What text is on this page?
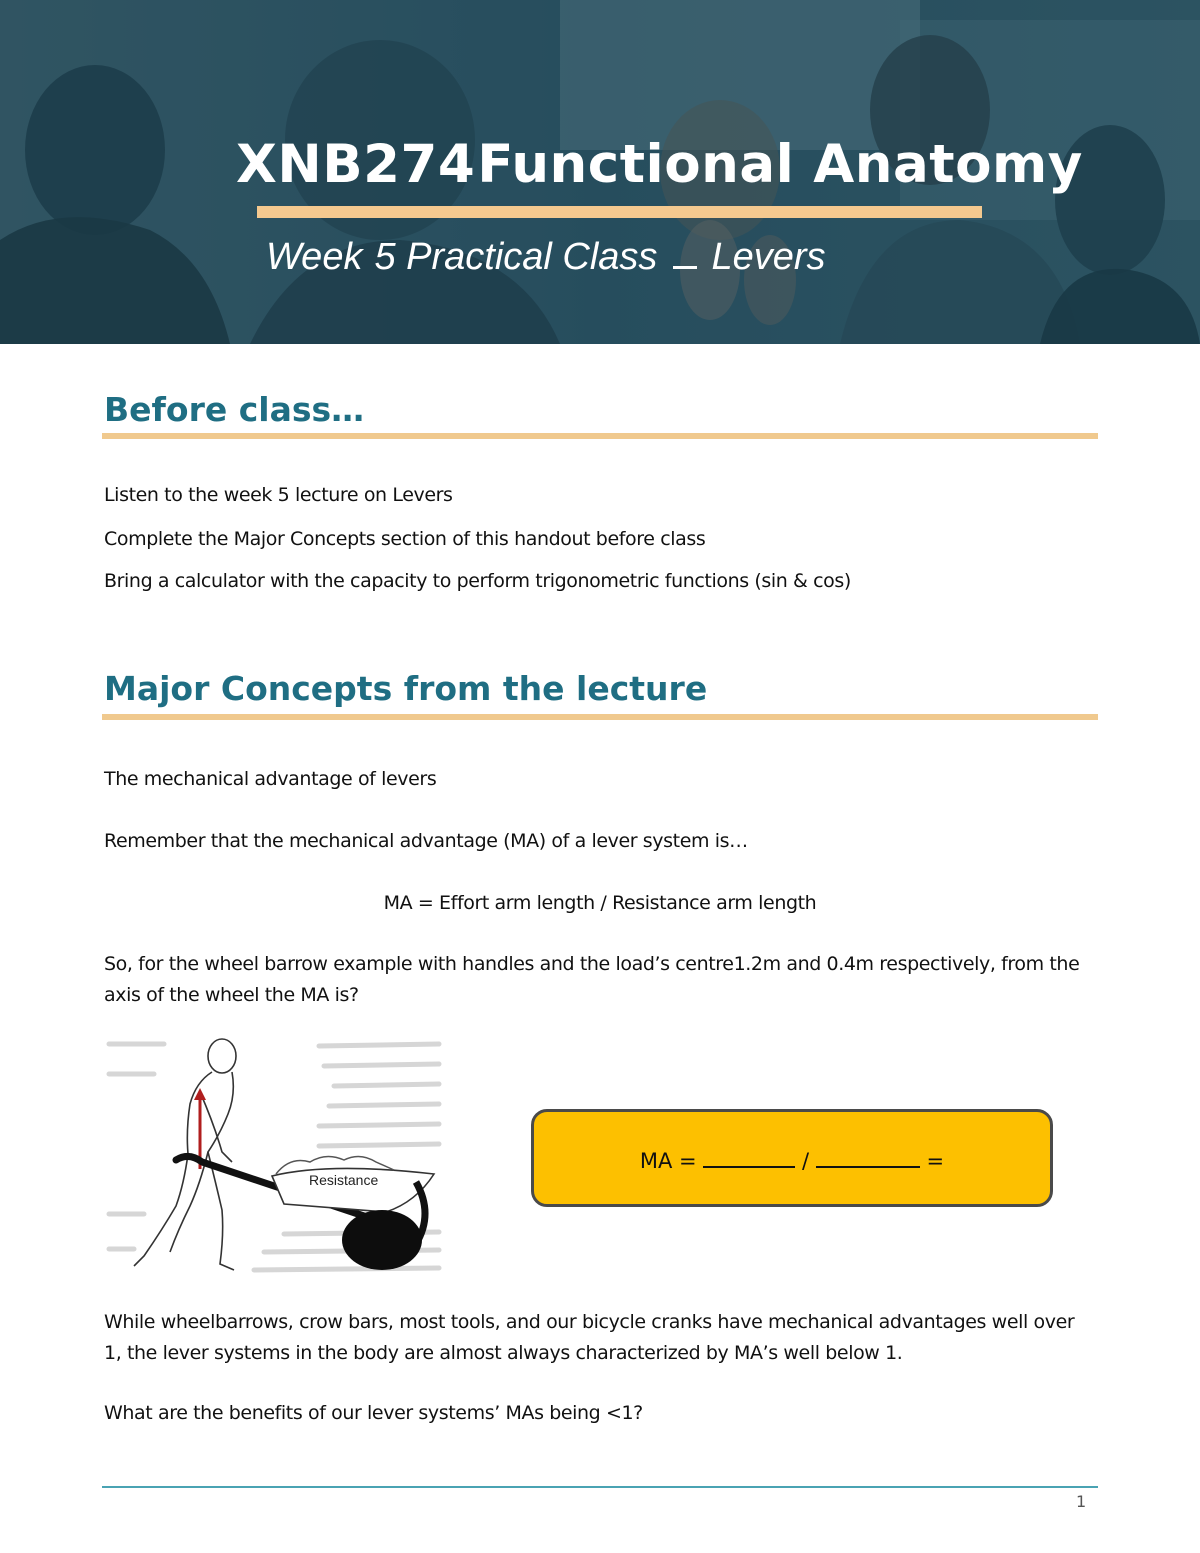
XNB274Functional Anatomy
Week 5 Practical Class Levers
Before class…
Listen to the week 5 lecture on Levers
Complete the Major Concepts section of this handout before class
Bring a calculator with the capacity to perform trigonometric functions (sin & cos)
Major Concepts from the lecture
The mechanical advantage of levers
Remember that the mechanical advantage (MA) of a lever system is…
MA = Effort arm length / Resistance arm length
So, for the wheel barrow example with handles and the load’s centre1.2m and 0.4m respectively, from the axis of the wheel the MA is?
Resistance
MA =	/	=
While wheelbarrows, crow bars, most tools, and our bicycle cranks have mechanical advantages well over 1, the lever systems in the body are almost always characterized by MA’s well below 1.
What are the benefits of our lever systems’ MAs being <1?
1
